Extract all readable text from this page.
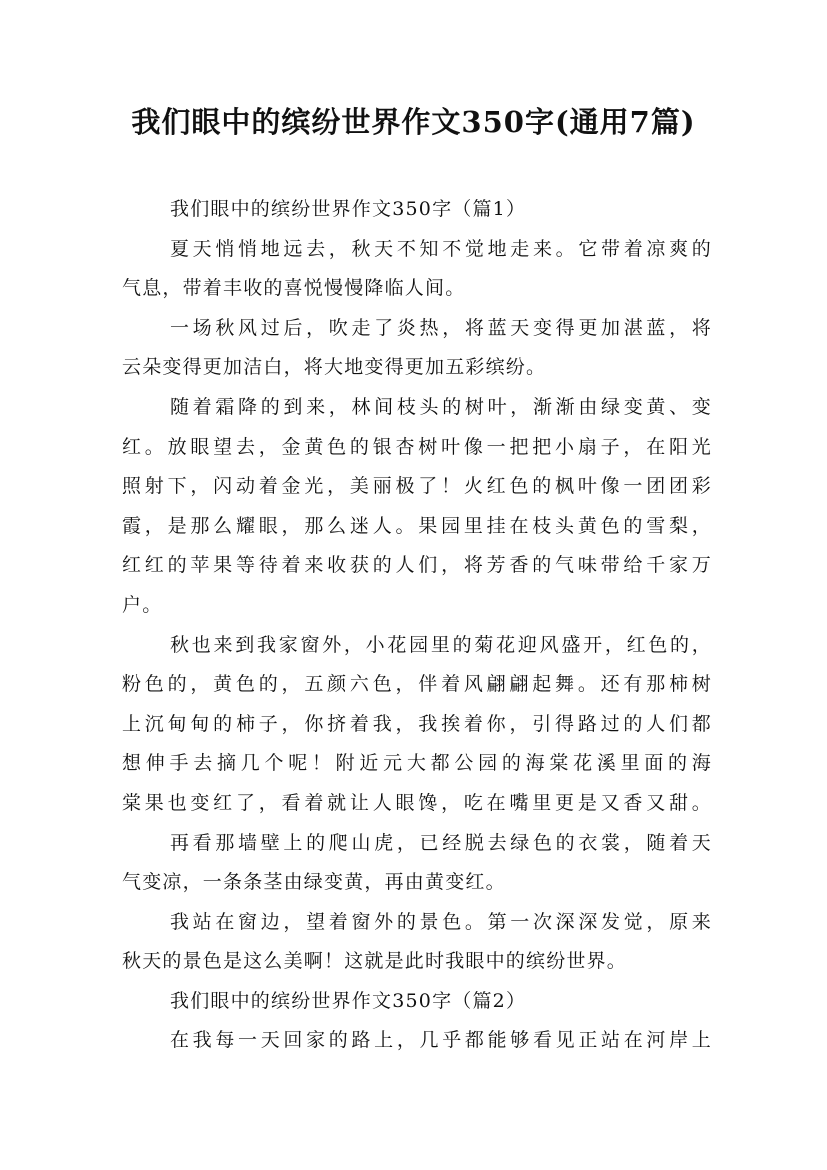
我们眼中的缤纷世界作文350字(通用7篇)
我们眼中的缤纷世界作文350字（篇1）
夏天悄悄地远去，秋天不知不觉地走来。它带着凉爽的
气息，带着丰收的喜悦慢慢降临人间。
一场秋风过后，吹走了炎热，将蓝天变得更加湛蓝，将
云朵变得更加洁白，将大地变得更加五彩缤纷。
随着霜降的到来，林间枝头的树叶，渐渐由绿变黄、变
红。放眼望去，金黄色的银杏树叶像一把把小扇子，在阳光
照射下，闪动着金光，美丽极了！火红色的枫叶像一团团彩
霞，是那么耀眼，那么迷人。果园里挂在枝头黄色的雪梨，
红红的苹果等待着来收获的人们，将芳香的气味带给千家万
户。
秋也来到我家窗外，小花园里的菊花迎风盛开，红色的，
粉色的，黄色的，五颜六色，伴着风翩翩起舞。还有那柿树
上沉甸甸的柿子，你挤着我，我挨着你，引得路过的人们都
想伸手去摘几个呢！附近元大都公园的海棠花溪里面的海
棠果也变红了，看着就让人眼馋，吃在嘴里更是又香又甜。
再看那墙壁上的爬山虎，已经脱去绿色的衣裳，随着天
气变凉，一条条茎由绿变黄，再由黄变红。
我站在窗边，望着窗外的景色。第一次深深发觉，原来
秋天的景色是这么美啊！这就是此时我眼中的缤纷世界。
我们眼中的缤纷世界作文350字（篇2）
在我每一天回家的路上，几乎都能够看见正站在河岸上
